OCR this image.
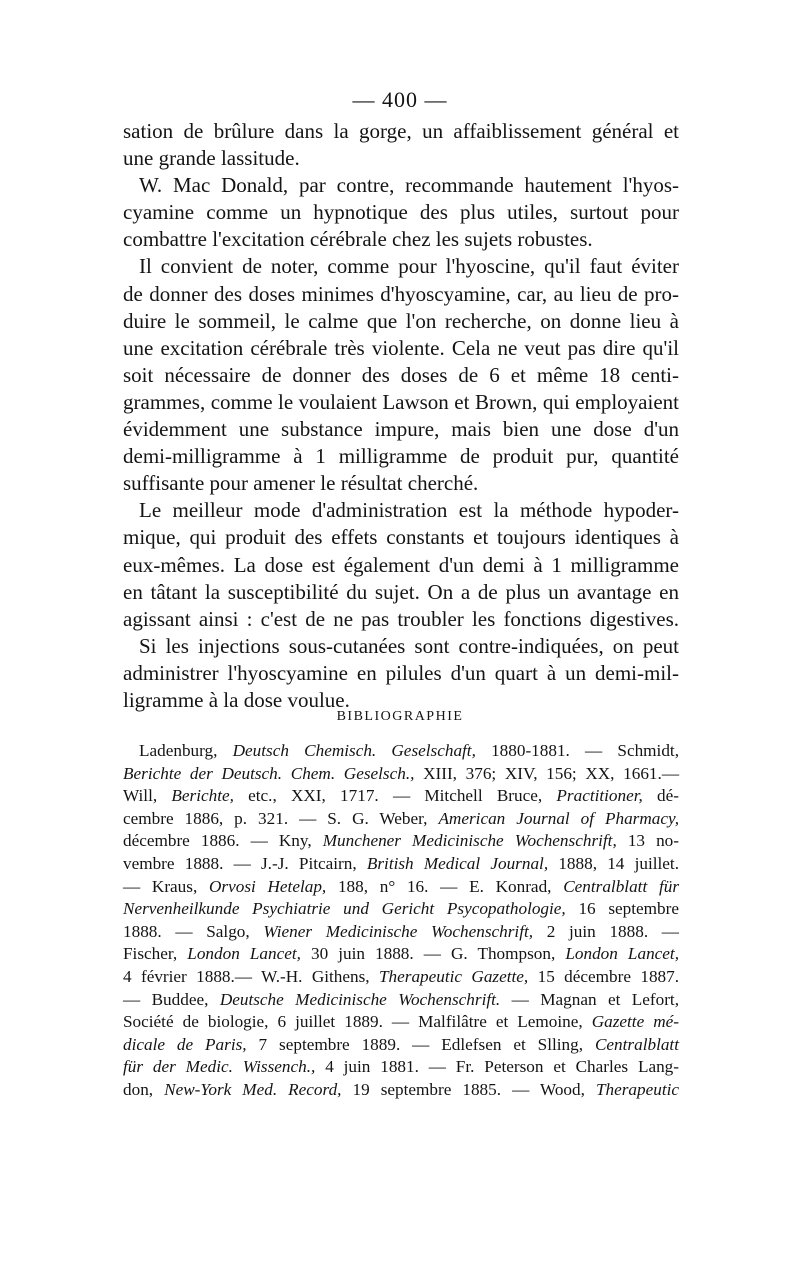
— 400 —
sation de brûlure dans la gorge, un affaiblissement général et
une grande lassitude.
W. Mac Donald, par contre, recommande hautement l'hyos-
cyamine comme un hypnotique des plus utiles, surtout pour
combattre l'excitation cérébrale chez les sujets robustes.
Il convient de noter, comme pour l'hyoscine, qu'il faut éviter
de donner des doses minimes d'hyoscyamine, car, au lieu de pro-
duire le sommeil, le calme que l'on recherche, on donne lieu à
une excitation cérébrale très violente. Cela ne veut pas dire qu'il
soit nécessaire de donner des doses de 6 et même 18 centi-
grammes, comme le voulaient Lawson et Brown, qui employaient
évidemment une substance impure, mais bien une dose d'un
demi-milligramme à 1 milligramme de produit pur, quantité
suffisante pour amener le résultat cherché.
Le meilleur mode d'administration est la méthode hypoder-
mique, qui produit des effets constants et toujours identiques à
eux-mêmes. La dose est également d'un demi à 1 milligramme
en tâtant la susceptibilité du sujet. On a de plus un avantage en
agissant ainsi : c'est de ne pas troubler les fonctions digestives.
Si les injections sous-cutanées sont contre-indiquées, on peut
administrer l'hyoscyamine en pilules d'un quart à un demi-mil-
ligramme à la dose voulue.
BIBLIOGRAPHIE
Ladenburg, Deutsch Chemisch. Geselschaft, 1880-1881. — Schmidt,
Berichte der Deutsch. Chem. Geselsch., XIII, 376; XIV, 156; XX, 1661.—
Will, Berichte, etc., XXI, 1717. — Mitchell Bruce, Practitioner, dé-
cembre 1886, p. 321. — S. G. Weber, American Journal of Pharmacy,
décembre 1886. — Kny, Munchener Medicinische Wochenschrift, 13 no-
vembre 1888. — J.-J. Pitcairn, British Medical Journal, 1888, 14 juillet.
— Kraus, Orvosi Hetelap, 188, n° 16. — E. Konrad, Centralblatt für
Nervenheilkunde Psychiatrie und Gericht Psycopathologie, 16 septembre
1888. — Salgo, Wiener Medicinische Wochenschrift, 2 juin 1888. —
Fischer, London Lancet, 30 juin 1888. — G. Thompson, London Lancet,
4 février 1888.— W.-H. Githens, Therapeutic Gazette, 15 décembre 1887.
— Buddee, Deutsche Medicinische Wochenschrift. — Magnan et Lefort,
Société de biologie, 6 juillet 1889. — Malfilâtre et Lemoine, Gazette mé-
dicale de Paris, 7 septembre 1889. — Edlefsen et Slling, Centralblatt
für der Medic. Wissench., 4 juin 1881. — Fr. Peterson et Charles Lang-
don, New-York Med. Record, 19 septembre 1885. — Wood, Therapeutic
